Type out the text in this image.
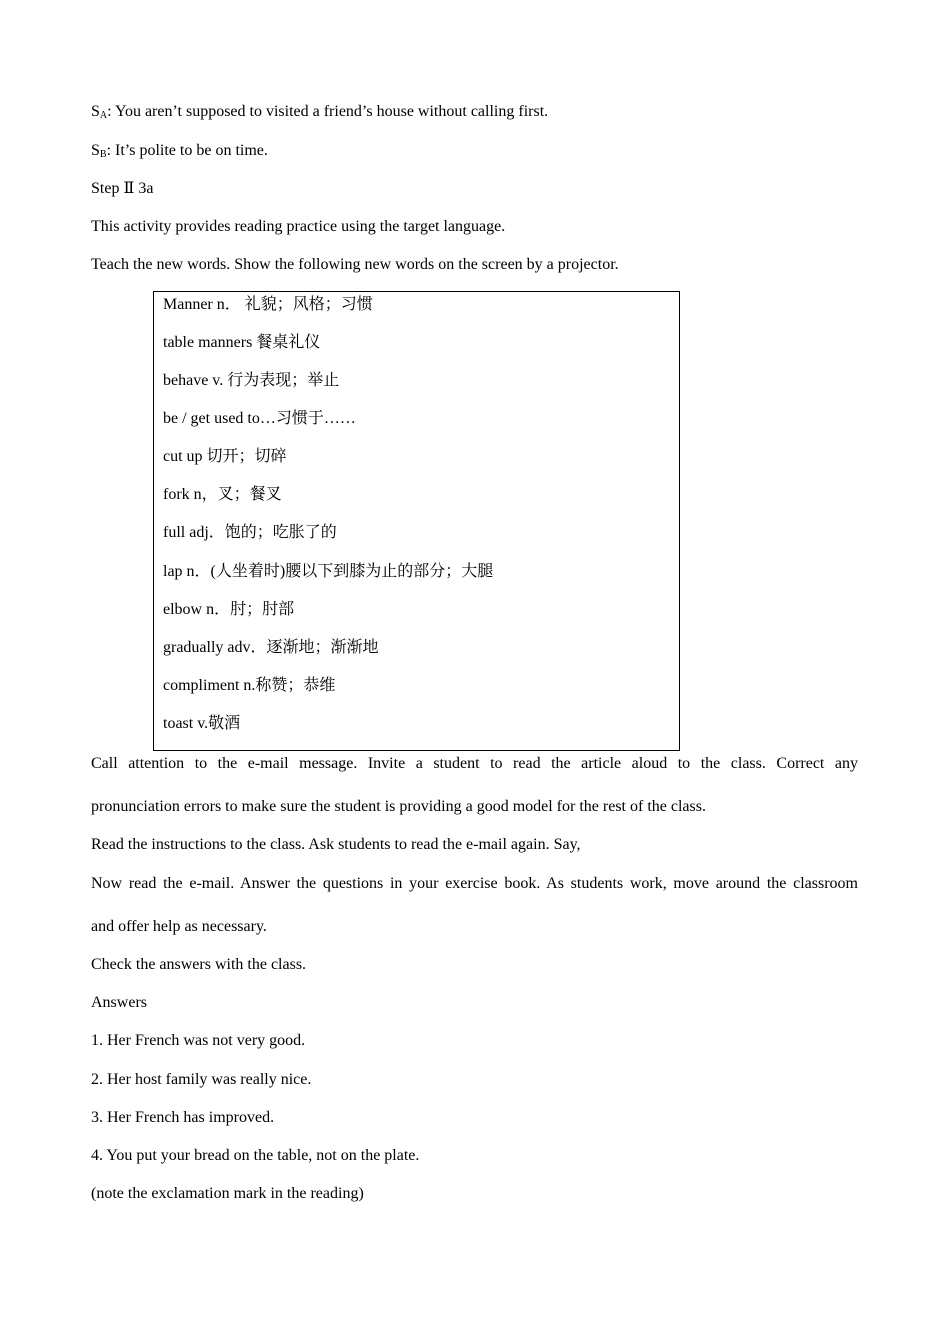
$S_A$: You aren’t supposed to visited a friend’s house without calling first.
$S_B$: It’s polite to be on time.
Step Ⅱ 3a
This activity provides reading practice using the target language.
Teach the new words. Show the following new words on the screen by a projector.
Manner n． 礼貌；风格；习惯
table manners 餐桌礼仪
behave v. 行为表现；举止
be / get used to…习惯于……
cut up 切开；切碎
fork n，叉；餐叉
full adj．饱的；吃胀了的
lap n．(人坐着时)腰以下到膝为止的部分；大腿
elbow n．肘；肘部
gradually adv．逐渐地；渐渐地
compliment n.称赞；恭维
toast v.敬酒
Call attention to the e-mail message. Invite a student to read the article aloud to the class. Correct any
pronunciation errors to make sure the student is providing a good model for the rest of the class.
Read the instructions to the class. Ask students to read the e-mail again. Say,
Now read the e-mail. Answer the questions in your exercise book. As students work, move around the classroom
and offer help as necessary.
Check the answers with the class.
Answers
1. Her French was not very good.
2. Her host family was really nice.
3. Her French has improved.
4. You put your bread on the table, not on the plate.
(note the exclamation mark in the reading)
